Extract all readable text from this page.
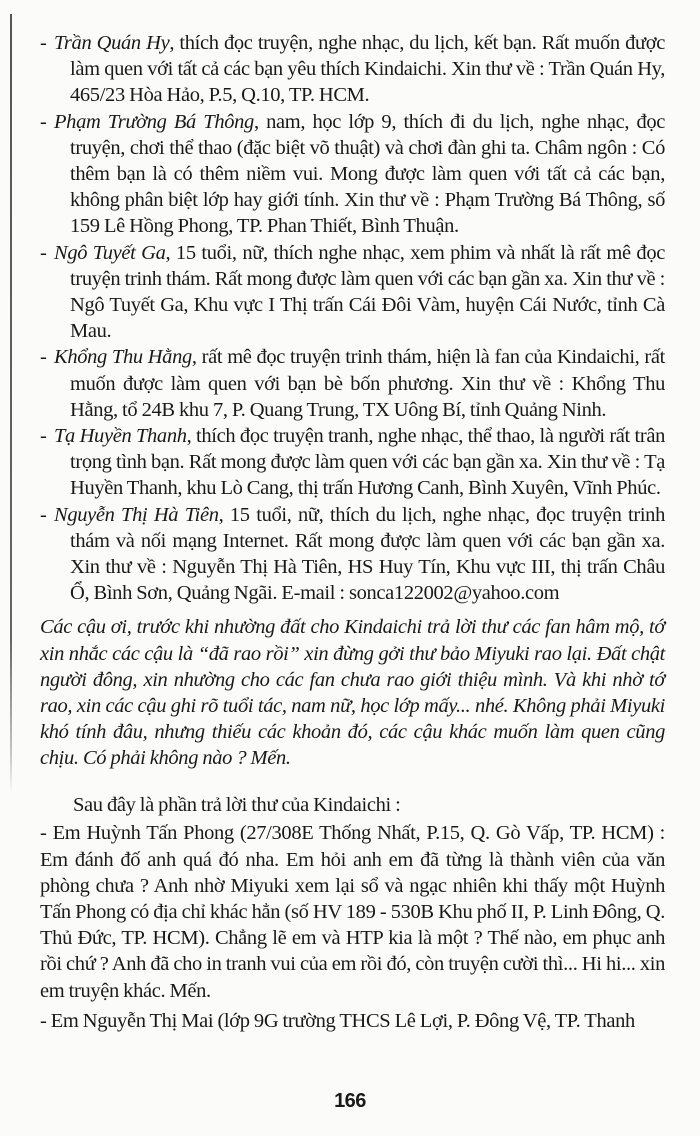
- Trần Quán Hy, thích đọc truyện, nghe nhạc, du lịch, kết bạn. Rất muốn được làm quen với tất cả các bạn yêu thích Kindaichi. Xin thư về : Trần Quán Hy, 465/23 Hòa Hảo, P.5, Q.10, TP. HCM.

- Phạm Trường Bá Thông, nam, học lớp 9, thích đi du lịch, nghe nhạc, đọc truyện, chơi thể thao (đặc biệt võ thuật) và chơi đàn ghi ta. Châm ngôn : Có thêm bạn là có thêm niềm vui. Mong được làm quen với tất cả các bạn, không phân biệt lớp hay giới tính. Xin thư về : Phạm Trường Bá Thông, số 159 Lê Hồng Phong, TP. Phan Thiết, Bình Thuận.

- Ngô Tuyết Ga, 15 tuổi, nữ, thích nghe nhạc, xem phim và nhất là rất mê đọc truyện trinh thám. Rất mong được làm quen với các bạn gần xa. Xin thư về : Ngô Tuyết Ga, Khu vực I Thị trấn Cái Đôi Vàm, huyện Cái Nước, tỉnh Cà Mau.

- Khổng Thu Hằng, rất mê đọc truyện trinh thám, hiện là fan của Kindaichi, rất muốn được làm quen với bạn bè bốn phương. Xin thư về : Khổng Thu Hằng, tổ 24B khu 7, P. Quang Trung, TX Uông Bí, tỉnh Quảng Ninh.

- Tạ Huyền Thanh, thích đọc truyện tranh, nghe nhạc, thể thao, là người rất trân trọng tình bạn. Rất mong được làm quen với các bạn gần xa. Xin thư về : Tạ Huyền Thanh, khu Lò Cang, thị trấn Hương Canh, Bình Xuyên, Vĩnh Phúc.

- Nguyễn Thị Hà Tiên, 15 tuổi, nữ, thích du lịch, nghe nhạc, đọc truyện trinh thám và nối mạng Internet. Rất mong được làm quen với các bạn gần xa. Xin thư về : Nguyễn Thị Hà Tiên, HS Huy Tín, Khu vực III, thị trấn Châu Ổ, Bình Sơn, Quảng Ngãi. E-mail : sonca122002@yahoo.com

Các cậu ơi, trước khi nhường đất cho Kindaichi trả lời thư các fan hâm mộ, tớ xin nhắc các cậu là “đã rao rồi” xin đừng gởi thư bảo Miyuki rao lại. Đất chật người đông, xin nhường cho các fan chưa rao giới thiệu mình. Và khi nhờ tớ rao, xin các cậu ghi rõ tuổi tác, nam nữ, học lớp mấy... nhé. Không phải Miyuki khó tính đâu, nhưng thiếu các khoản đó, các cậu khác muốn làm quen cũng chịu. Có phải không nào ? Mến.

Sau đây là phần trả lời thư của Kindaichi :

- Em Huỳnh Tấn Phong (27/308E Thống Nhất, P.15, Q. Gò Vấp, TP. HCM) : Em đánh đố anh quá đó nha. Em hỏi anh em đã từng là thành viên của văn phòng chưa ? Anh nhờ Miyuki xem lại sổ và ngạc nhiên khi thấy một Huỳnh Tấn Phong có địa chỉ khác hẳn (số HV 189 - 530B Khu phố II, P. Linh Đông, Q. Thủ Đức, TP. HCM). Chẳng lẽ em và HTP kia là một ? Thế nào, em phục anh rồi chứ ? Anh đã cho in tranh vui của em rồi đó, còn truyện cười thì... Hi hi... xin em truyện khác. Mến.

- Em Nguyễn Thị Mai (lớp 9G trường THCS Lê Lợi, P. Đông Vệ, TP. Thanh

166
